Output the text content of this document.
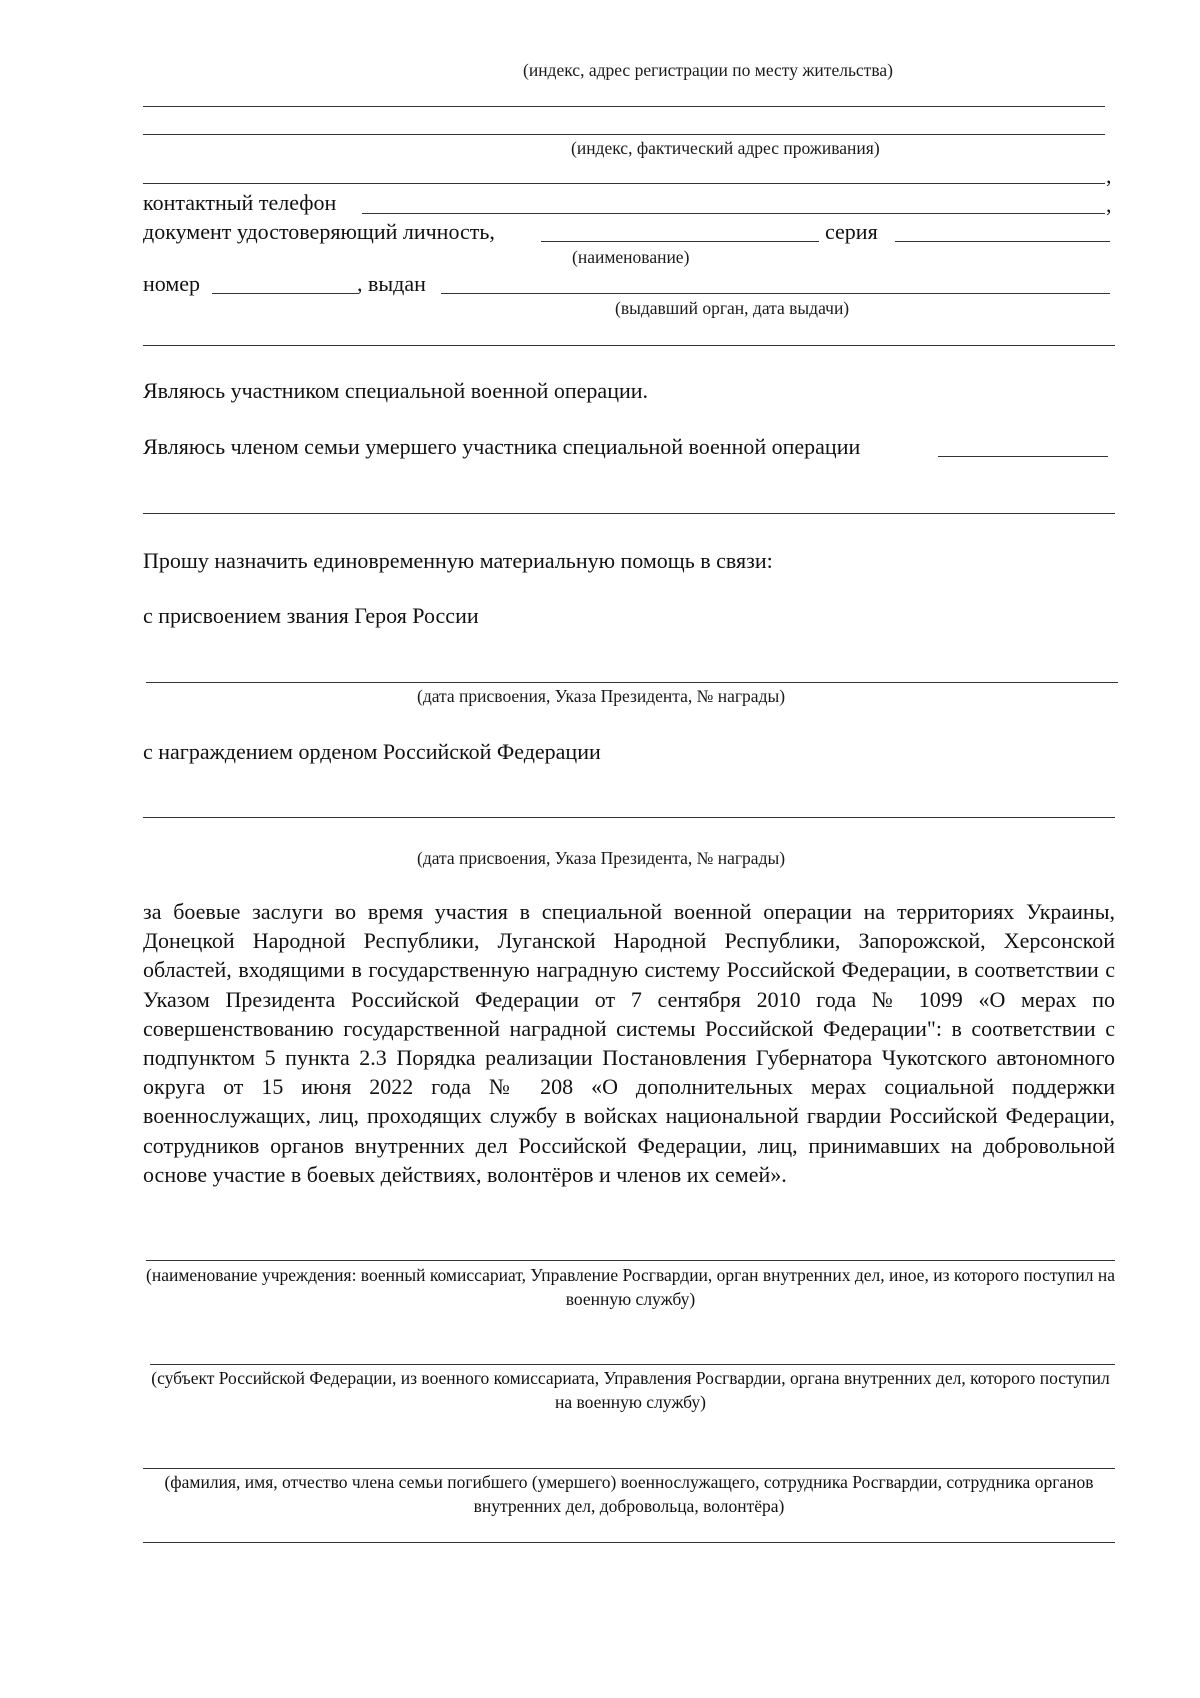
(индекс, адрес регистрации по месту жительства)
(индекс, фактический адрес проживания)
,
контактный телефон	,
документ удостоверяющий личность,	серия
(наименование)
номер	, выдан
(выдавший орган, дата выдачи)
Являюсь участником специальной военной операции.
Являюсь членом семьи умершего участника специальной военной операции
Прошу назначить единовременную материальную помощь в связи:
с присвоением звания Героя России
(дата присвоения, Указа Президента, № награды)
с награждением орденом Российской Федерации
(дата присвоения, Указа Президента, № награды)
за боевые заслуги во время участия в специальной военной операции на территориях Украины, Донецкой Народной Республики, Луганской Народной Республики, Запорожской, Херсонской областей, входящими в государственную наградную систему Российской Федерации, в соответствии с Указом Президента Российской Федерации от 7 сентября 2010 года № 1099 «О мерах по совершенствованию государственной наградной системы Российской Федерации": в соответствии с подпунктом 5 пункта 2.3 Порядка реализации Постановления Губернатора Чукотского автономного округа от 15 июня 2022 года № 208 «О дополнительных мерах социальной поддержки военнослужащих, лиц, проходящих службу в войсках национальной гвардии Российской Федерации, сотрудников органов внутренних дел Российской Федерации, лиц, принимавших на добровольной основе участие в боевых действиях, волонтёров и членов их семей».
(наименование учреждения: военный комиссариат, Управление Росгвардии, орган внутренних дел, иное, из которого поступил на военную службу)
(субъект Российской Федерации, из военного комиссариата, Управления Росгвардии, органа внутренних дел, которого поступил на военную службу)
(фамилия, имя, отчество члена семьи погибшего (умершего) военнослужащего, сотрудника Росгвардии, сотрудника органов внутренних дел, добровольца, волонтёра)
